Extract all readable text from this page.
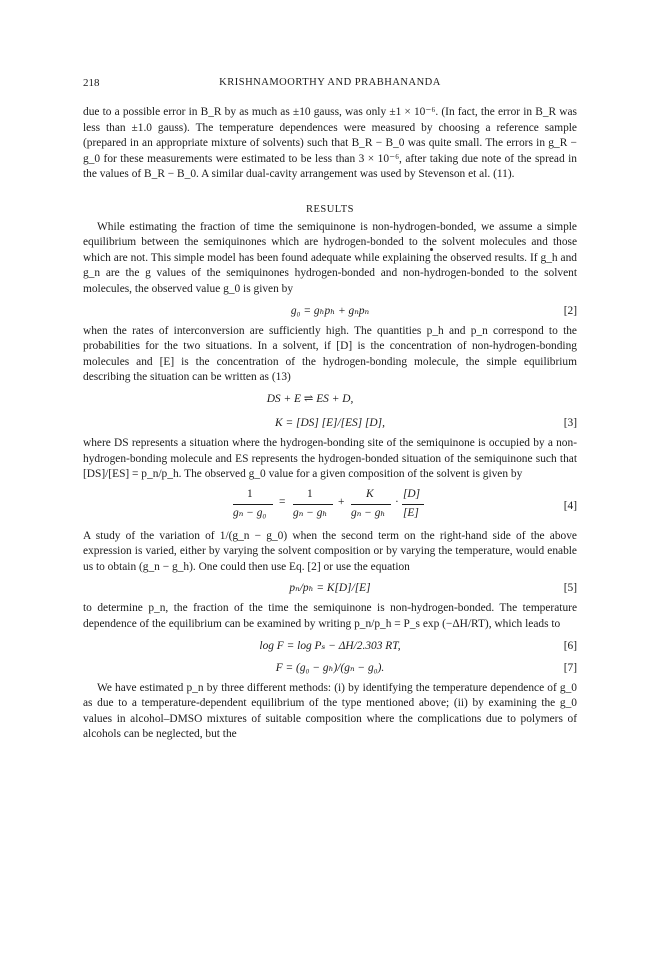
218	KRISHNAMOORTHY AND PRABHANANDA

due to a possible error in B_R by as much as ±10 gauss, was only ±1 × 10⁻⁶. (In fact, the error in B_R was less than ±1.0 gauss). The temperature dependences were measured by choosing a reference sample (prepared in an appropriate mixture of solvents) such that B_R − B_0 was quite small. The errors in g_R − g_0 for these measurements were estimated to be less than 3 × 10⁻⁶, after taking due note of the spread in the values of B_R − B_0. A similar dual-cavity arrangement was used by Stevenson et al. (11).

RESULTS

While estimating the fraction of time the semiquinone is non-hydrogen-bonded, we assume a simple equilibrium between the semiquinones which are hydrogen-bonded to the solvent molecules and those which are not. This simple model has been found adequate while explaining the observed results. If g_h and g_n are the g values of the semiquinones hydrogen-bonded and non-hydrogen-bonded to the solvent molecules, the observed value g_0 is given by

g₀ = gₕpₕ + gₙpₙ	[2]

when the rates of interconversion are sufficiently high. The quantities p_h and p_n correspond to the probabilities for the two situations. In a solvent, if [D] is the concentration of non-hydrogen-bonding molecules and [E] is the concentration of the hydrogen-bonding molecule, the simple equilibrium describing the situation can be written as (13)

DS + E ⇌ ES + D,
K = [DS] [E]/[ES] [D],	[3]

where DS represents a situation where the hydrogen-bonding site of the semiquinone is occupied by a non-hydrogen-bonding molecule and ES represents the hydrogen-bonded situation of the semiquinone such that [DS]/[ES] = p_n/p_h. The observed g_0 value for a given composition of the solvent is given by

1
gₙ − g₀
=
1
gₙ − gₕ
+
K
gₙ − gₕ
·
[D]
[E]
[4]

A study of the variation of 1/(g_n − g_0) when the second term on the right-hand side of the above expression is varied, either by varying the solvent composition or by varying the temperature, would enable us to obtain (g_n − g_h). One could then use Eq. [2] or use the equation

pₙ/pₕ = K[D]/[E]	[5]

to determine p_n, the fraction of the time the semiquinone is non-hydrogen-bonded. The temperature dependence of the equilibrium can be examined by writing p_n/p_h = P_s exp (−ΔH/RT), which leads to

log F = log Pₛ − ΔH/2.303 RT,	[6]
F = (g₀ − gₕ)/(gₙ − g₀).	[7]

We have estimated p_n by three different methods: (i) by identifying the temperature dependence of g_0 as due to a temperature-dependent equilibrium of the type mentioned above; (ii) by examining the g_0 values in alcohol–DMSO mixtures of suitable composition where the complications due to polymers of alcohols can be neglected, but the
